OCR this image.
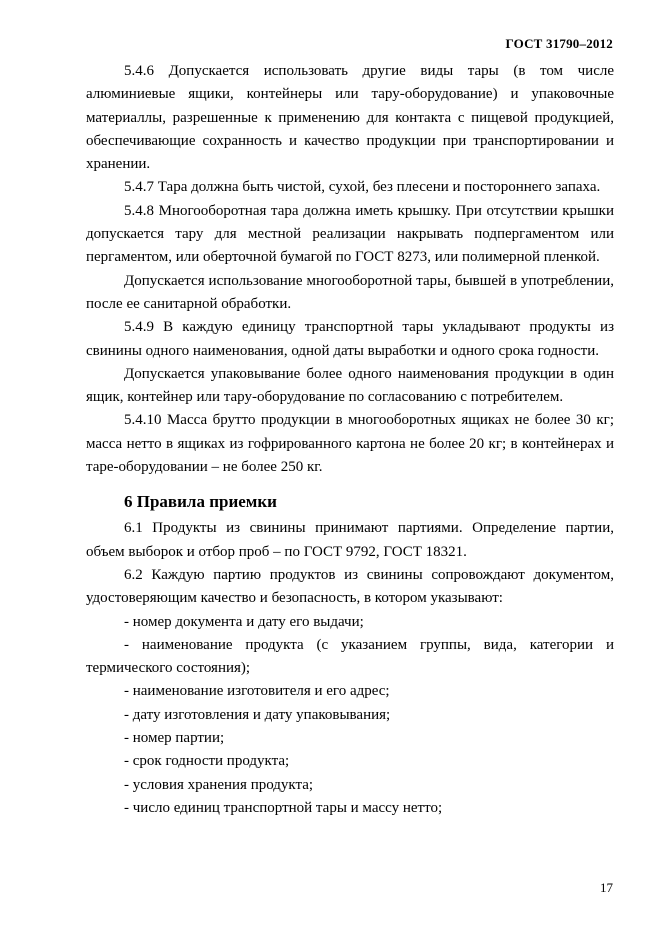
ГОСТ 31790–2012

5.4.6 Допускается использовать другие виды тары (в том числе алюминиевые ящики, контейнеры или тару-оборудование) и упаковочные материаллы, разрешенные к применению для контакта с пищевой продукцией, обеспечивающие сохранность и качество продукции при транспортировании и хранении.

5.4.7 Тара должна быть чистой, сухой, без плесени и постороннего запаха.

5.4.8 Многооборотная тара должна иметь крышку. При отсутствии крышки допускается тару для местной реализации накрывать подпергаментом или пергаментом, или оберточной бумагой по ГОСТ 8273, или полимерной пленкой.

Допускается использование многооборотной тары, бывшей в употреблении, после ее санитарной обработки.

5.4.9 В каждую единицу транспортной тары укладывают продукты из свинины одного наименования, одной даты выработки и одного срока годности.

Допускается упаковывание более одного наименования продукции в один ящик, контейнер или тару-оборудование по согласованию с потребителем.

5.4.10 Масса брутто продукции в многооборотных ящиках не более 30 кг; масса нетто в ящиках из гофрированного картона не более 20 кг; в контейнерах и таре-оборудовании – не более 250 кг.

6 Правила приемки

6.1 Продукты из свинины принимают партиями. Определение партии, объем выборок и отбор проб – по ГОСТ 9792, ГОСТ 18321.

6.2 Каждую партию продуктов из свинины сопровождают документом, удостоверяющим качество и безопасность, в котором указывают:

- номер документа и дату его выдачи;

- наименование продукта (с указанием группы, вида, категории и термического состояния);

- наименование изготовителя и его адрес;

- дату изготовления и дату упаковывания;

- номер партии;

- срок годности продукта;

- условия хранения продукта;

- число единиц транспортной тары и массу нетто;

17
